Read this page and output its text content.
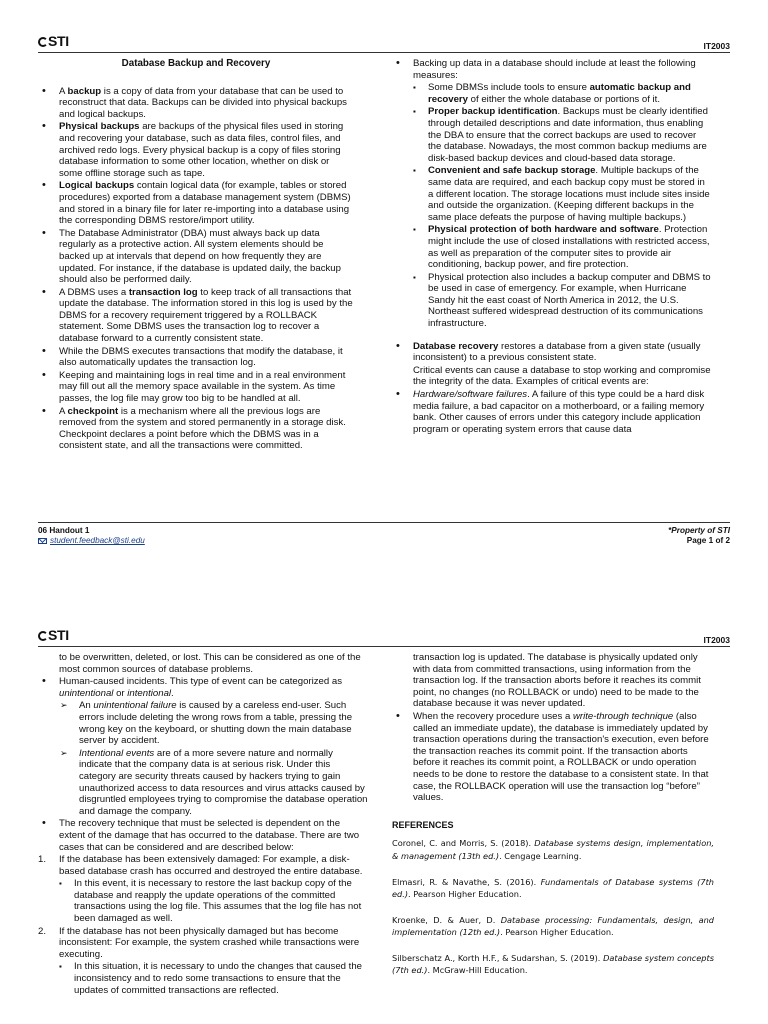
STI	IT2003
Database Backup and Recovery
• A backup is a copy of data from your database that can be used to reconstruct that data. Backups can be divided into physical backups and logical backups.
• Physical backups are backups of the physical files used in storing and recovering your database, such as data files, control files, and archived redo logs. Every physical backup is a copy of files storing database information to some other location, whether on disk or some offline storage such as tape.
• Logical backups contain logical data (for example, tables or stored procedures) exported from a database management system (DBMS) and stored in a binary file for later re-importing into a database using the corresponding DBMS restore/import utility.
• The Database Administrator (DBA) must always back up data regularly as a protective action. All system elements should be backed up at intervals that depend on how frequently they are updated. For instance, if the database is updated daily, the backup should also be performed daily.
• A DBMS uses a transaction log to keep track of all transactions that update the database. The information stored in this log is used by the DBMS for a recovery requirement triggered by a ROLLBACK statement. Some DBMS uses the transaction log to recover a database forward to a currently consistent state.
• While the DBMS executes transactions that modify the database, it also automatically updates the transaction log.
• Keeping and maintaining logs in real time and in a real environment may fill out all the memory space available in the system. As time passes, the log file may grow too big to be handled at all.
• A checkpoint is a mechanism where all the previous logs are removed from the system and stored permanently in a storage disk. Checkpoint declares a point before which the DBMS was in a consistent state, and all the transactions were committed.
• Backing up data in a database should include at least the following measures:
▪ Some DBMSs include tools to ensure automatic backup and recovery of either the whole database or portions of it.
▪ Proper backup identification. Backups must be clearly identified through detailed descriptions and date information, thus enabling the DBA to ensure that the correct backups are used to recover the database. Nowadays, the most common backup mediums are disk-based backup devices and cloud-based data storage.
▪ Convenient and safe backup storage. Multiple backups of the same data are required, and each backup copy must be stored in a different location. The storage locations must include sites inside and outside the organization. (Keeping different backups in the same place defeats the purpose of having multiple backups.)
▪ Physical protection of both hardware and software. Protection might include the use of closed installations with restricted access, as well as preparation of the computer sites to provide air conditioning, backup power, and fire protection.
▪ Physical protection also includes a backup computer and DBMS to be used in case of emergency. For example, when Hurricane Sandy hit the east coast of North America in 2012, the U.S. Northeast suffered widespread destruction of its communications infrastructure.
• Database recovery restores a database from a given state (usually inconsistent) to a previous consistent state.
Critical events can cause a database to stop working and compromise the integrity of the data. Examples of critical events are:
• Hardware/software failures. A failure of this type could be a hard disk media failure, a bad capacitor on a motherboard, or a failing memory bank. Other causes of errors under this category include application program or operating system errors that cause data
06 Handout 1
student.feedback@sti.edu
*Property of STI
Page 1 of 2
STI	IT2003
to be overwritten, deleted, or lost. This can be considered as one of the most common sources of database problems.
• Human-caused incidents. This type of event can be categorized as unintentional or intentional.
➢ An unintentional failure is caused by a careless end-user. Such errors include deleting the wrong rows from a table, pressing the wrong key on the keyboard, or shutting down the main database server by accident.
➢ Intentional events are of a more severe nature and normally indicate that the company data is at serious risk. Under this category are security threats caused by hackers trying to gain unauthorized access to data resources and virus attacks caused by disgruntled employees trying to compromise the database operation and damage the company.
• The recovery technique that must be selected is dependent on the extent of the damage that has occurred to the database. There are two cases that can be considered and are described below:
1. If the database has been extensively damaged: For example, a disk-based database crash has occurred and destroyed the entire database.
▪ In this event, it is necessary to restore the last backup copy of the database and reapply the update operations of the committed transactions using the log file. This assumes that the log file has not been damaged as well.
2. If the database has not been physically damaged but has become inconsistent: For example, the system crashed while transactions were executing.
▪ In this situation, it is necessary to undo the changes that caused the inconsistency and to redo some transactions to ensure that the updates of committed transactions are reflected.
transaction log is updated. The database is physically updated only with data from committed transactions, using information from the transaction log. If the transaction aborts before it reaches its commit point, no changes (no ROLLBACK or undo) need to be made to the database because it was never updated.
• When the recovery procedure uses a write-through technique (also called an immediate update), the database is immediately updated by transaction operations during the transaction's execution, even before the transaction reaches its commit point. If the transaction aborts before it reaches its commit point, a ROLLBACK or undo operation needs to be done to restore the database to a consistent state. In that case, the ROLLBACK operation will use the transaction log “before” values.
REFERENCES
Coronel, C. and Morris, S. (2018). Database systems design, implementation, & management (13th ed.). Cengage Learning.
Elmasri, R. & Navathe, S. (2016). Fundamentals of Database systems (7th ed.). Pearson Higher Education.
Kroenke, D. & Auer, D. Database processing: Fundamentals, design, and implementation (12th ed.). Pearson Higher Education.
Silberschatz A., Korth H.F., & Sudarshan, S. (2019). Database system concepts (7th ed.). McGraw-Hill Education.
